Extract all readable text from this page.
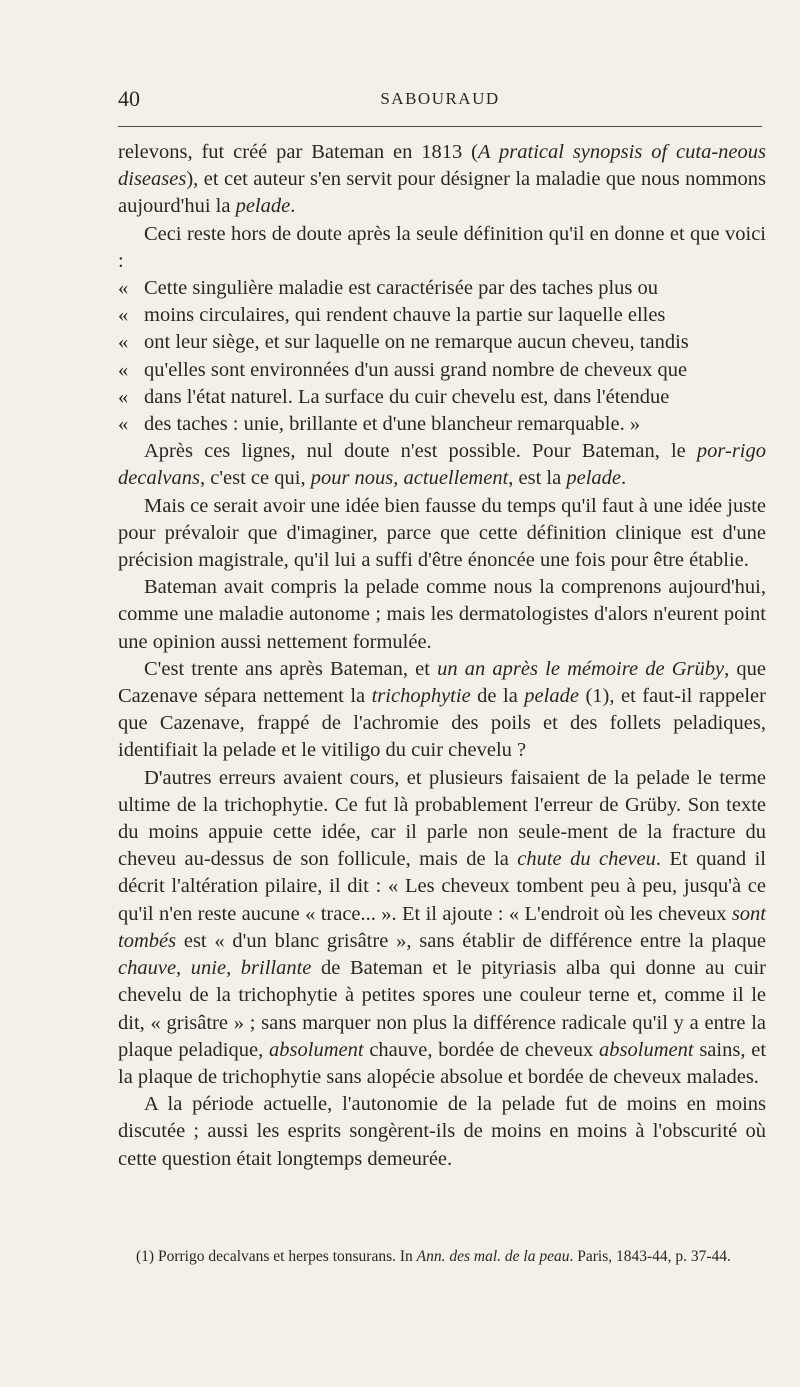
40	SABOURAUD

relevons, fut créé par Bateman en 1813 (A pratical synopsis of cuta-neous diseases), et cet auteur s'en servit pour désigner la maladie que nous nommons aujourd'hui la pelade.

Ceci reste hors de doute après la seule définition qu'il en donne et que voici :

« Cette singulière maladie est caractérisée par des taches plus ou

« moins circulaires, qui rendent chauve la partie sur laquelle elles

« ont leur siège, et sur laquelle on ne remarque aucun cheveu, tandis

« qu'elles sont environnées d'un aussi grand nombre de cheveux que

« dans l'état naturel. La surface du cuir chevelu est, dans l'étendue

« des taches : unie, brillante et d'une blancheur remarquable. »

Après ces lignes, nul doute n'est possible. Pour Bateman, le por-rigo decalvans, c'est ce qui, pour nous, actuellement, est la pelade.

Mais ce serait avoir une idée bien fausse du temps qu'il faut à une idée juste pour prévaloir que d'imaginer, parce que cette définition clinique est d'une précision magistrale, qu'il lui a suffi d'être énoncée une fois pour être établie.

Bateman avait compris la pelade comme nous la comprenons aujourd'hui, comme une maladie autonome ; mais les dermatologistes d'alors n'eurent point une opinion aussi nettement formulée.

C'est trente ans après Bateman, et un an après le mémoire de Grüby, que Cazenave sépara nettement la trichophytie de la pelade (1), et faut-il rappeler que Cazenave, frappé de l'achromie des poils et des follets peladiques, identifiait la pelade et le vitiligo du cuir chevelu ?

D'autres erreurs avaient cours, et plusieurs faisaient de la pelade le terme ultime de la trichophytie. Ce fut là probablement l'erreur de Grüby. Son texte du moins appuie cette idée, car il parle non seule-ment de la fracture du cheveu au-dessus de son follicule, mais de la chute du cheveu. Et quand il décrit l'altération pilaire, il dit : « Les cheveux tombent peu à peu, jusqu'à ce qu'il n'en reste aucune « trace... ». Et il ajoute : « L'endroit où les cheveux sont tombés est « d'un blanc grisâtre », sans établir de différence entre la plaque chauve, unie, brillante de Bateman et le pityriasis alba qui donne au cuir chevelu de la trichophytie à petites spores une couleur terne et, comme il le dit, « grisâtre » ; sans marquer non plus la différence radicale qu'il y a entre la plaque peladique, absolument chauve, bordée de cheveux absolument sains, et la plaque de trichophytie sans alopécie absolue et bordée de cheveux malades.

A la période actuelle, l'autonomie de la pelade fut de moins en moins discutée ; aussi les esprits songèrent-ils de moins en moins à l'obscurité où cette question était longtemps demeurée.

(1) Porrigo decalvans et herpes tonsurans. In Ann. des mal. de la peau. Paris, 1843-44, p. 37-44.
